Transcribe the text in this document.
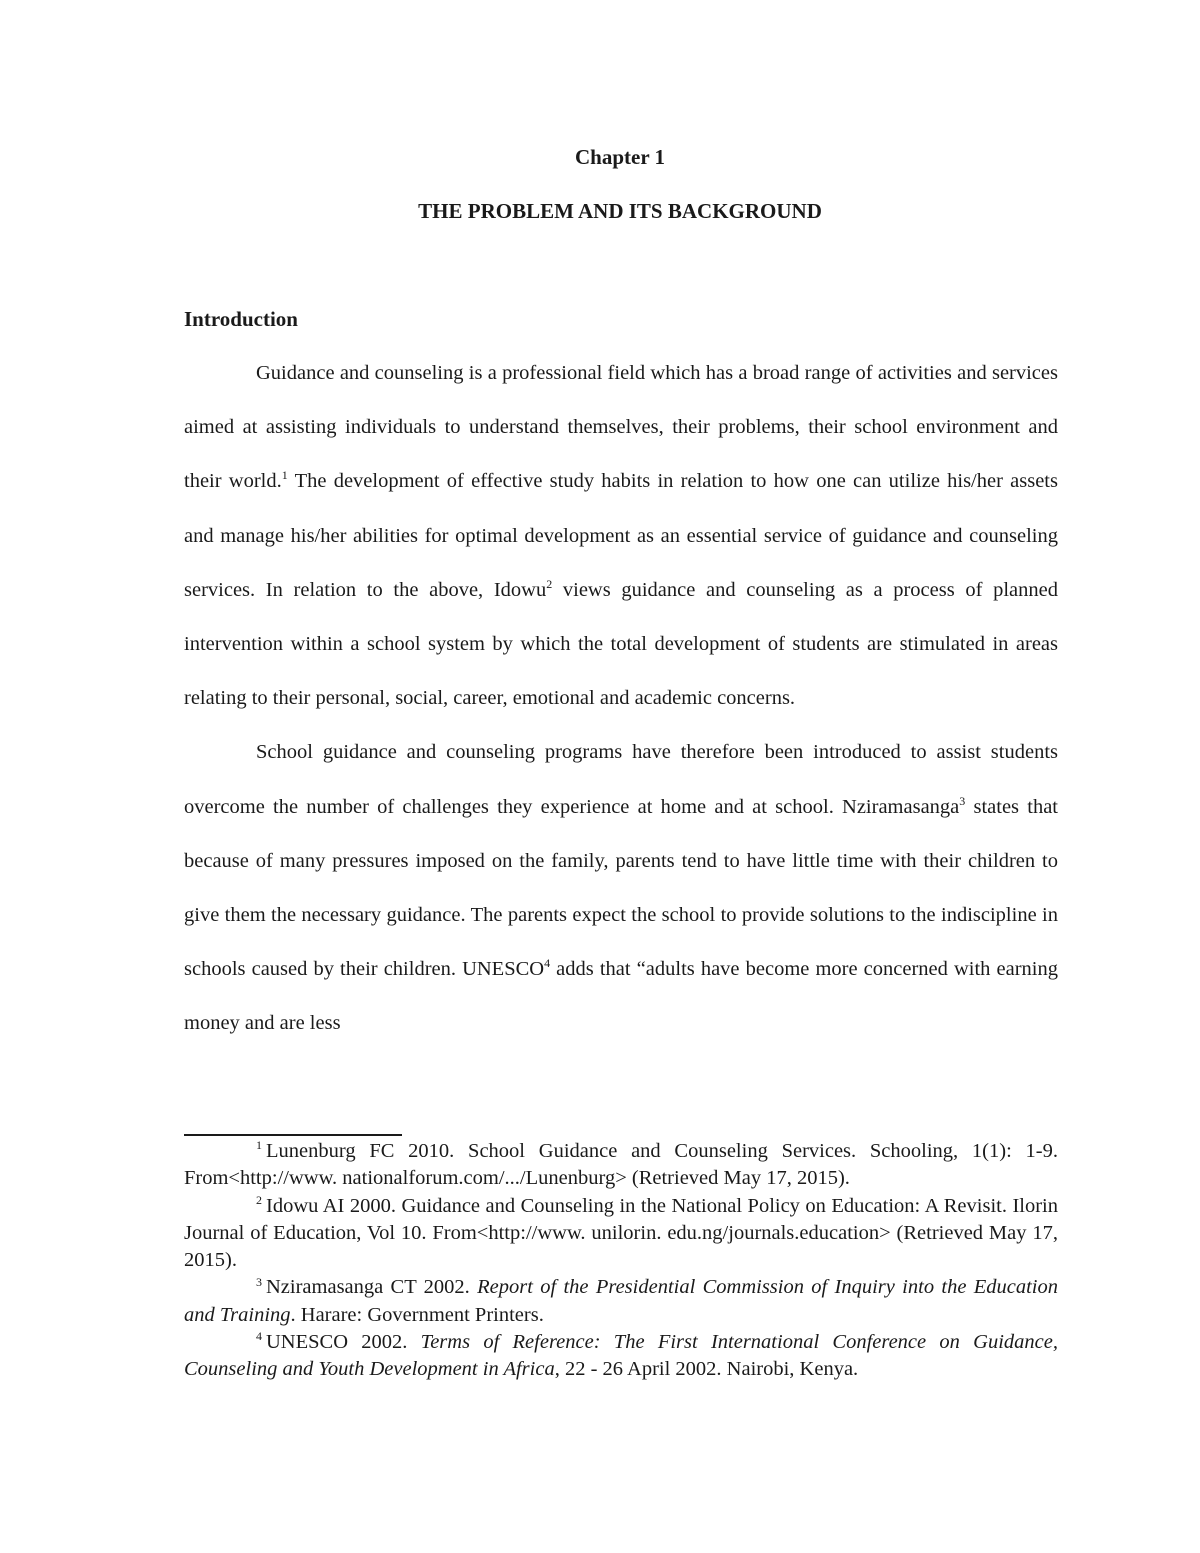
Chapter 1
THE PROBLEM AND ITS BACKGROUND
Introduction

Guidance and counseling is a professional field which has a broad range of activities and services aimed at assisting individuals to understand themselves, their problems, their school environment and their world.$^1$ The development of effective study habits in relation to how one can utilize his/her assets and manage his/her abilities for optimal development as an essential service of guidance and counseling services. In relation to the above, Idowu$^2$ views guidance and counseling as a process of planned intervention within a school system by which the total development of students are stimulated in areas relating to their personal, social, career, emotional and academic concerns.

School guidance and counseling programs have therefore been introduced to assist students overcome the number of challenges they experience at home and at school. Nziramasanga$^3$ states that because of many pressures imposed on the family, parents tend to have little time with their children to give them the necessary guidance. The parents expect the school to provide solutions to the indiscipline in schools caused by their children. UNESCO$^4$ adds that “adults have become more concerned with earning money and are less

$^1$ Lunenburg FC 2010. School Guidance and Counseling Services. Schooling, 1(1): 1-9. From<http://www. nationalforum.com/.../Lunenburg> (Retrieved May 17, 2015).

$^2$ Idowu AI 2000. Guidance and Counseling in the National Policy on Education: A Revisit. Ilorin Journal of Education, Vol 10. From<http://www. unilorin. edu.ng/journals.education> (Retrieved May 17, 2015).

$^3$ Nziramasanga CT 2002. Report of the Presidential Commission of Inquiry into the Education and Training. Harare: Government Printers.

$^4$ UNESCO 2002. Terms of Reference: The First International Conference on Guidance, Counseling and Youth Development in Africa, 22 - 26 April 2002. Nairobi, Kenya.
